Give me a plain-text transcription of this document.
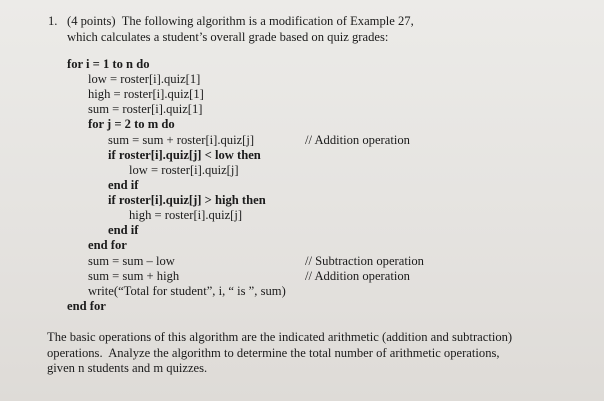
1. (4 points)  The following algorithm is a modification of Example 27,
which calculates a student’s overall grade based on quiz grades:
for i = 1 to n do
low = roster[i].quiz[1]
high = roster[i].quiz[1]
sum = roster[i].quiz[1]
for j = 2 to m do
sum = sum + roster[i].quiz[j]
if roster[i].quiz[j] < low then
low = roster[i].quiz[j]
end if
if roster[i].quiz[j] > high then
high = roster[i].quiz[j]
end if
end for
sum = sum – low
sum = sum + high
write(“Total for student”, i, “ is ”, sum)
end for
// Addition operation
// Subtraction operation
// Addition operation
The basic operations of this algorithm are the indicated arithmetic (addition and subtraction)
operations.  Analyze the algorithm to determine the total number of arithmetic operations,
given n students and m quizzes.
